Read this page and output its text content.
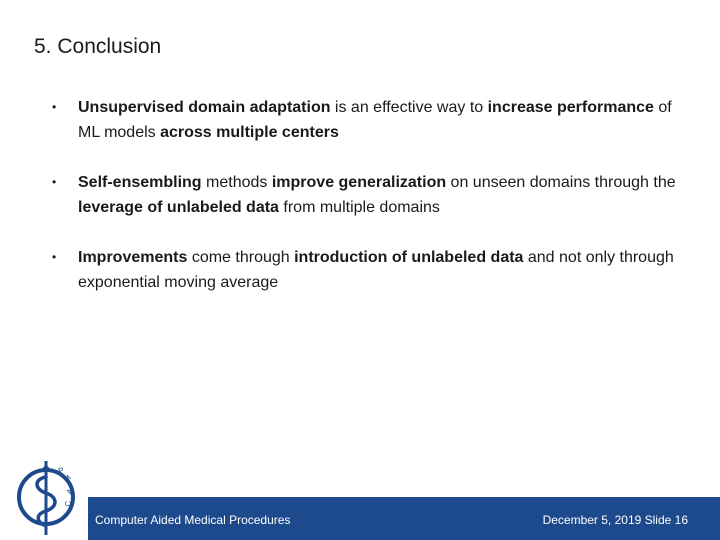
5. Conclusion
• Unsupervised domain adaptation is an effective way to increase performance of ML models across multiple centers
• Self-ensembling methods improve generalization on unseen domains through the leverage of unlabeled data from multiple domains
• Improvements come through introduction of unlabeled data and not only through exponential moving average
C
A
M
P
Computer Aided Medical Procedures	December 5, 2019 Slide 16
